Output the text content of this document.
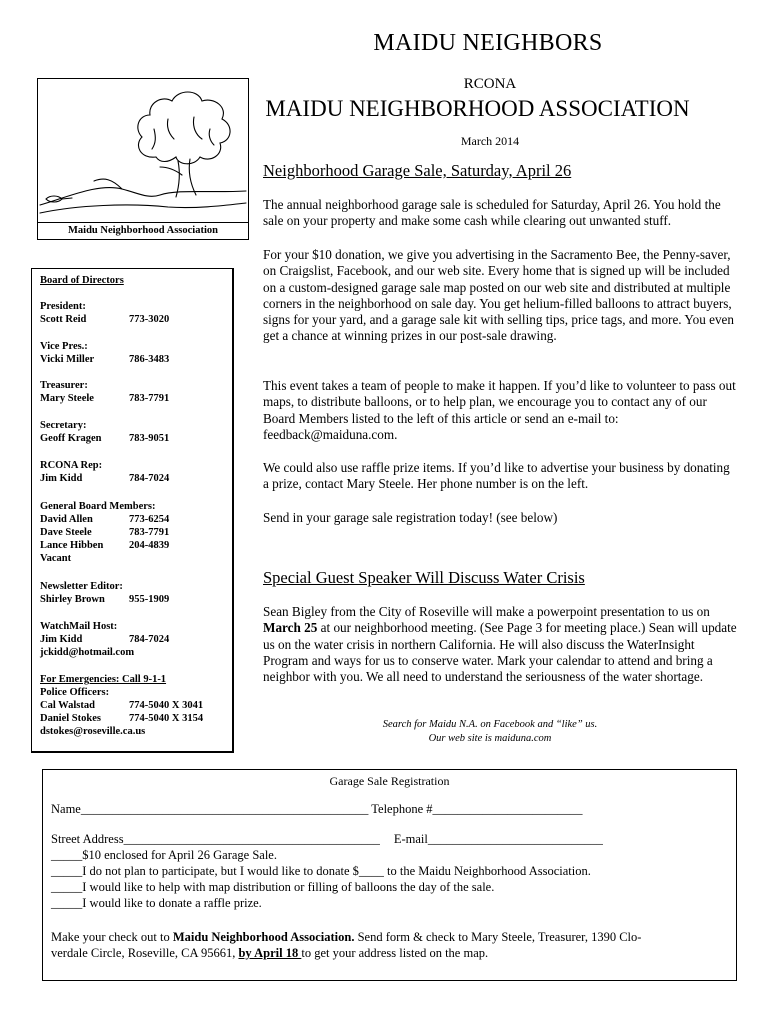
MAIDU NEIGHBORS
RCONA
MAIDU NEIGHBORHOOD ASSOCIATION
March 2014
Maidu Neighborhood Association
Board of Directors
President:
Scott Reid	773-3020
Vice Pres.:
Vicki Miller	786-3483
Treasurer:
Mary Steele	783-7791
Secretary:
Geoff Kragen	783-9051
RCONA Rep:
Jim Kidd	784-7024
General Board Members:
David Allen	773-6254
Dave Steele	783-7791
Lance Hibben 204-4839
Vacant
Newsletter Editor:
Shirley Brown 955-1909
WatchMail Host:
Jim Kidd	784-7024
jckidd@hotmail.com
For Emergencies: Call 9-1-1
Police Officers:
Cal Walstad	774-5040 X 3041
Daniel Stokes	774-5040 X 3154
dstokes@roseville.ca.us
Neighborhood Garage Sale, Saturday, April 26
The annual neighborhood garage sale is scheduled for Saturday, April 26. You hold the sale on your property and make some cash while clearing out unwanted stuff.
For your $10 donation, we give you advertising in the Sacramento Bee, the Penny-saver, on Craigslist, Facebook, and our web site. Every home that is signed up will be included on a custom-designed garage sale map posted on our web site and distributed at multiple corners in the neighborhood on sale day. You get helium-filled balloons to attract buyers, signs for your yard, and a garage sale kit with selling tips, price tags, and more. You even get a chance at winning prizes in our post-sale drawing.
This event takes a team of people to make it happen. If you’d like to volunteer to pass out maps, to distribute balloons, or to help plan, we encourage you to contact any of our Board Members listed to the left of this article or send an e-mail to: feedback@maiduna.com.
We could also use raffle prize items. If you’d like to advertise your business by donating a prize, contact Mary Steele. Her phone number is on the left.
Send in your garage sale registration today! (see below)
Special Guest Speaker Will Discuss Water Crisis
Sean Bigley from the City of Roseville will make a powerpoint presentation to us on March 25 at our neighborhood meeting. (See Page 3 for meeting place.) Sean will update us on the water crisis in northern California. He will also discuss the WaterInsight Program and ways for us to conserve water. Mark your calendar to attend and bring a neighbor with you. We all need to understand the seriousness of the water shortage.
Search for Maidu N.A. on Facebook and “like” us.
Our web site is maiduna.com
Garage Sale Registration
Name______________________________________________ Telephone #________________________
Street Address_________________________________________ E-mail____________________________
_____$10 enclosed for April 26 Garage Sale.
_____I do not plan to participate, but I would like to donate $____ to the Maidu Neighborhood Association.
_____I would like to help with map distribution or filling of balloons the day of the sale.
_____I would like to donate a raffle prize.
Make your check out to Maidu Neighborhood Association. Send form & check to Mary Steele, Treasurer, 1390 Clo-
verdale Circle, Roseville, CA 95661, by April 18 to get your address listed on the map.
